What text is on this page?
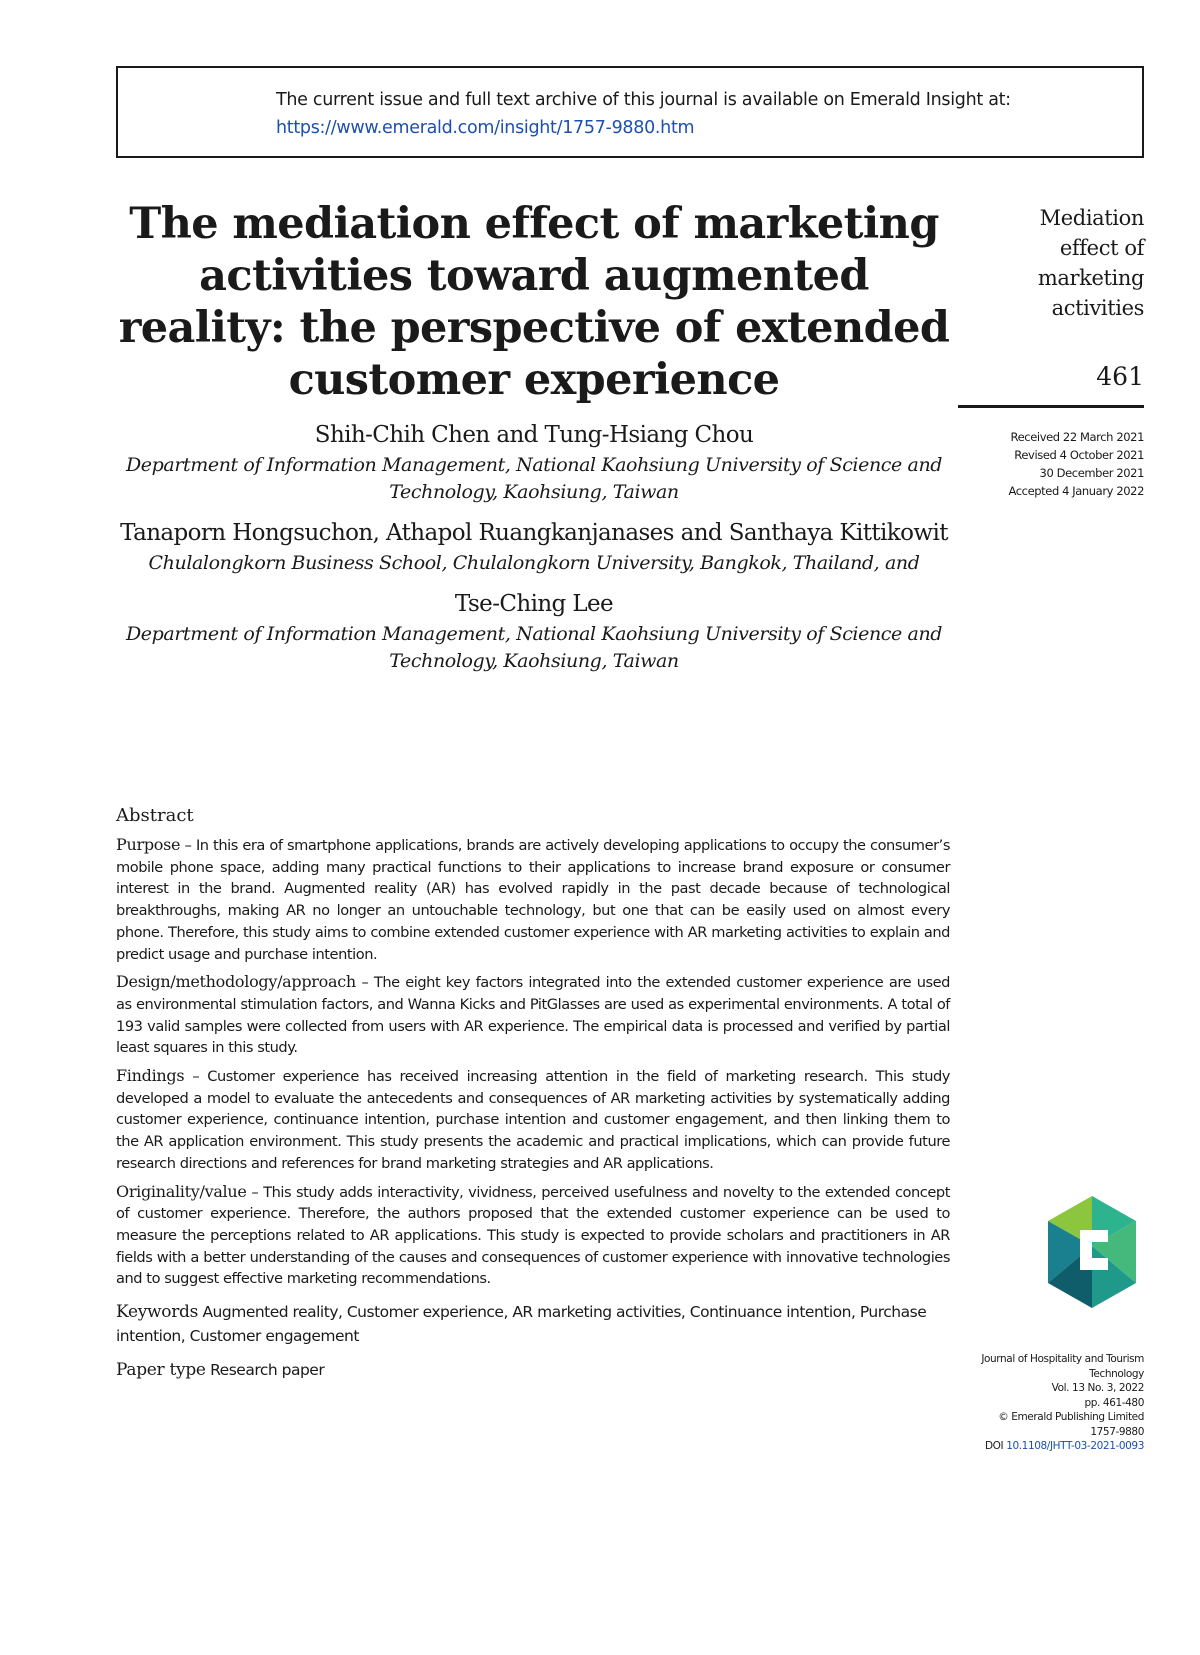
The current issue and full text archive of this journal is available on Emerald Insight at:
https://www.emerald.com/insight/1757-9880.htm
The mediation effect of marketing activities toward augmented reality: the perspective of extended customer experience

Shih-Chih Chen and Tung-Hsiang Chou

Department of Information Management, National Kaohsiung University of Science and Technology, Kaohsiung, Taiwan

Tanaporn Hongsuchon, Athapol Ruangkanjanases and Santhaya Kittikowit

Chulalongkorn Business School, Chulalongkorn University, Bangkok, Thailand, and

Tse-Ching Lee

Department of Information Management, National Kaohsiung University of Science and Technology, Kaohsiung, Taiwan

Mediation
effect of
marketing
activities
461
Received 22 March 2021
Revised 4 October 2021
30 December 2021
Accepted 4 January 2022
Journal of Hospitality and Tourism Technology
Vol. 13 No. 3, 2022
pp. 461-480
© Emerald Publishing Limited
1757-9880
DOI 10.1108/JHTT-03-2021-0093

Abstract

Purpose – In this era of smartphone applications, brands are actively developing applications to occupy the consumer’s mobile phone space, adding many practical functions to their applications to increase brand exposure or consumer interest in the brand. Augmented reality (AR) has evolved rapidly in the past decade because of technological breakthroughs, making AR no longer an untouchable technology, but one that can be easily used on almost every phone. Therefore, this study aims to combine extended customer experience with AR marketing activities to explain and predict usage and purchase intention.

Design/methodology/approach – The eight key factors integrated into the extended customer experience are used as environmental stimulation factors, and Wanna Kicks and PitGlasses are used as experimental environments. A total of 193 valid samples were collected from users with AR experience. The empirical data is processed and verified by partial least squares in this study.

Findings – Customer experience has received increasing attention in the field of marketing research. This study developed a model to evaluate the antecedents and consequences of AR marketing activities by systematically adding customer experience, continuance intention, purchase intention and customer engagement, and then linking them to the AR application environment. This study presents the academic and practical implications, which can provide future research directions and references for brand marketing strategies and AR applications.

Originality/value – This study adds interactivity, vividness, perceived usefulness and novelty to the extended concept of customer experience. Therefore, the authors proposed that the extended customer experience can be used to measure the perceptions related to AR applications. This study is expected to provide scholars and practitioners in AR fields with a better understanding of the causes and consequences of customer experience with innovative technologies and to suggest effective marketing recommendations.

Keywords Augmented reality, Customer experience, AR marketing activities, Continuance intention, Purchase intention, Customer engagement

Paper type Research paper
